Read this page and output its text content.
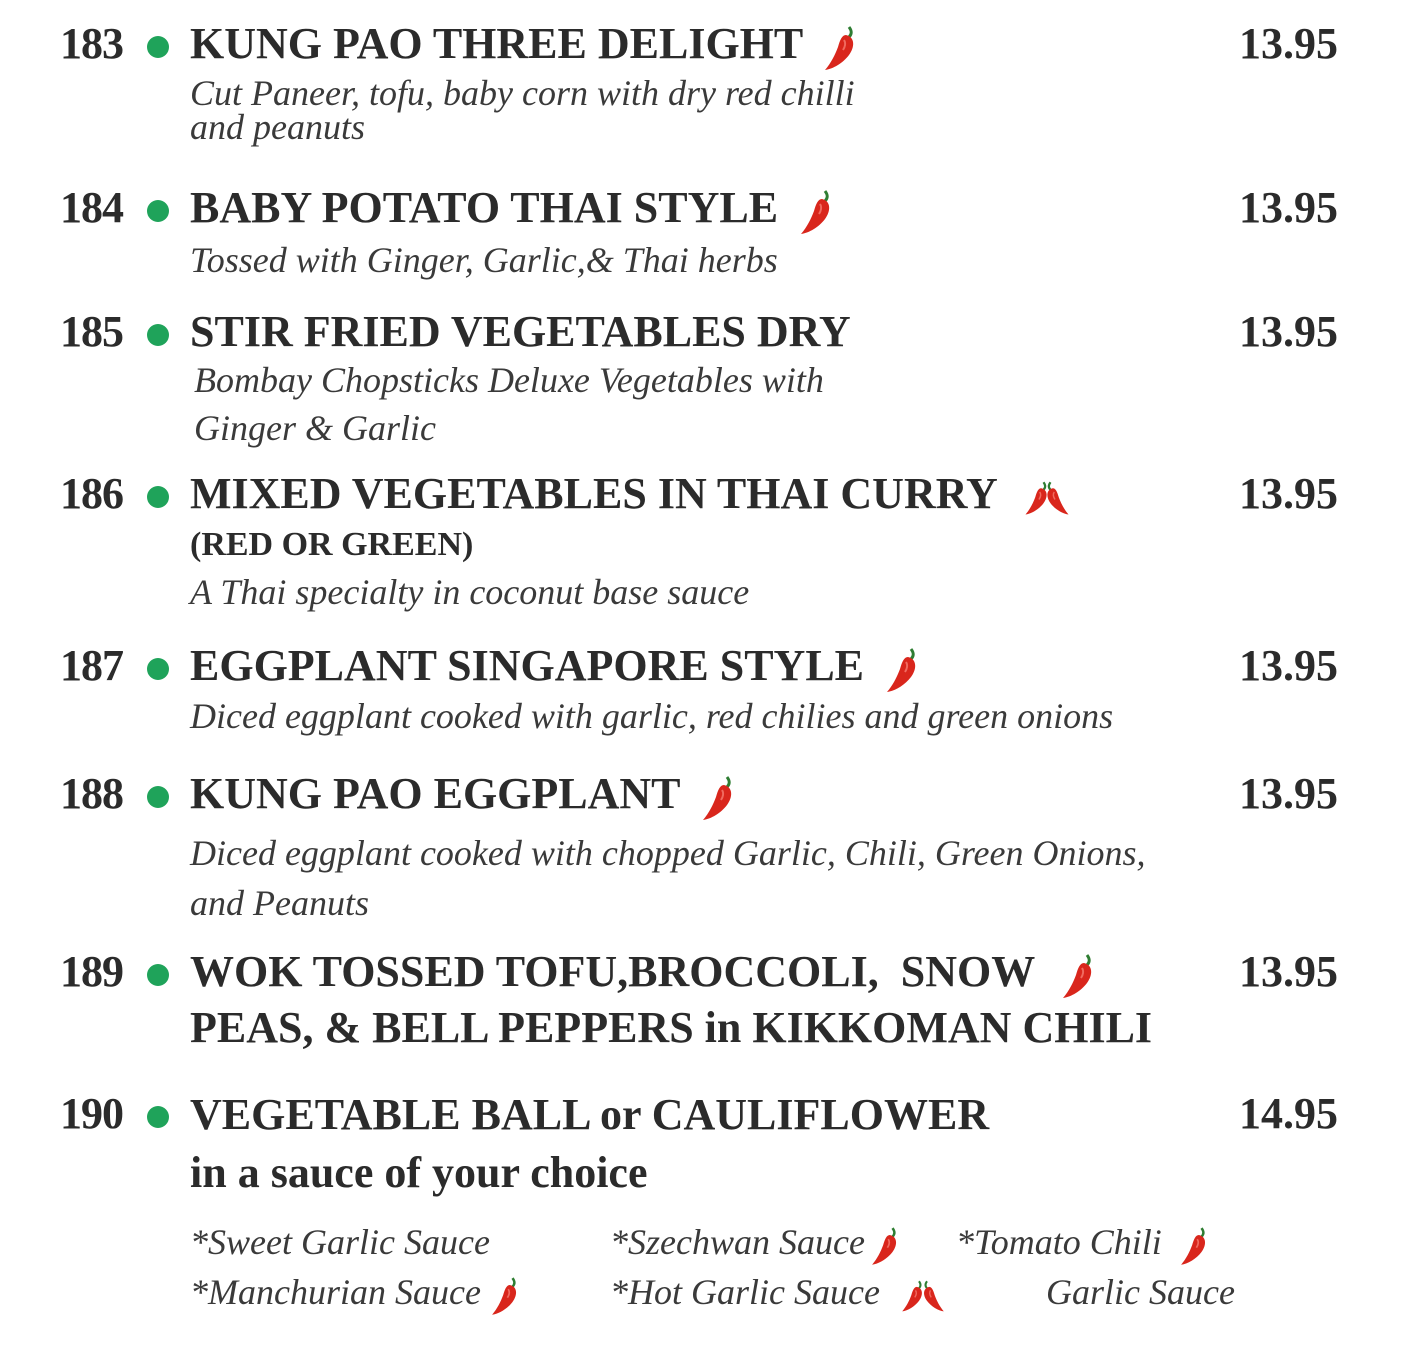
183 KUNG PAO THREE DELIGHT	13.95
Cut Paneer, tofu, baby corn with dry red chilli
and peanuts
184 BABY POTATO THAI STYLE	13.95
Tossed with Ginger, Garlic,& Thai herbs
185 STIR FRIED VEGETABLES DRY	13.95
Bombay Chopsticks Deluxe Vegetables with
Ginger & Garlic
186 MIXED VEGETABLES IN THAI CURRY
(RED OR GREEN)
13.95
A Thai specialty in coconut base sauce
187 EGGPLANT SINGAPORE STYLE	13.95
Diced eggplant cooked with garlic, red chilies and green onions
188 KUNG PAO EGGPLANT	13.95
Diced eggplant cooked with chopped Garlic, Chili, Green Onions,
and Peanuts
189 WOK TOSSED TOFU,BROCCOLI,  SNOW
PEAS, & BELL PEPPERS in KIKKOMAN CHILI
13.95
190 VEGETABLE BALL or CAULIFLOWER
in a sauce of your choice
14.95
*Sweet Garlic Sauce	*Szechwan Sauce	*Tomato Chili
*Manchurian Sauce	*Hot Garlic Sauce	Garlic Sauce
